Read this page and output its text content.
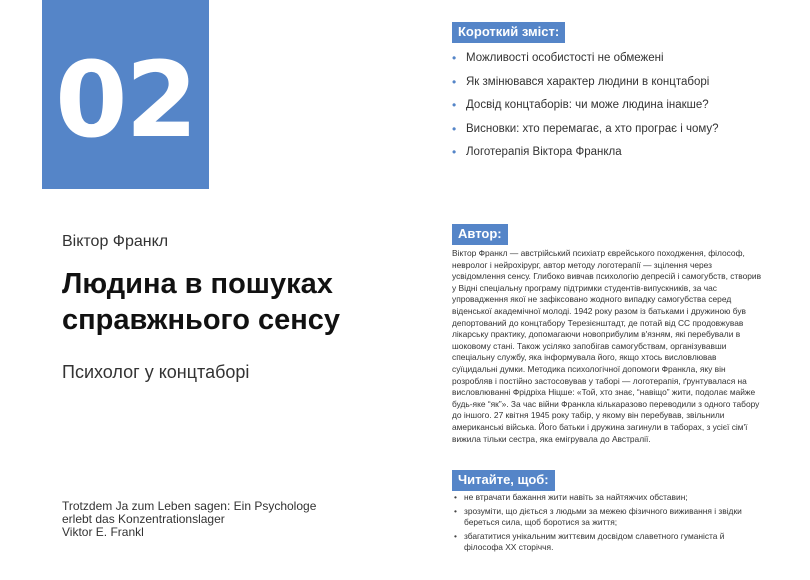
02
Віктор Франкл
Людина в пошуках справжнього сенсу
Психолог у концтаборі
Trotzdem Ja zum Leben sagen: Ein Psychologe
erlebt das Konzentrationslager
Viktor E. Frankl
Короткий зміст:
• Можливості особистості не обмежені
• Як змінювався характер людини в концтаборі
• Досвід концтаборів: чи може людина інакше?
• Висновки: хто перемагає, а хто програє і чому?
• Логотерапія Віктора Франкла
Автор:
Віктор Франкл — австрійський психіатр єврейського походження, філософ, невролог і нейрохірург, автор методу логотерапії — зцілення через усвідомлення сенсу. Глибоко вивчав психологію депресій і самогубств, створив у Відні спеціальну програму підтримки студентів-випускників, за час упровадження якої не зафіксовано жодного випадку самогубства серед віденської академічної молоді. 1942 року разом із батьками і дружиною був депортований до концтабору Терезієнштадт, де потай від СС продовжував лікарську практику, допомагаючи новоприбулим в'язням, які перебували в шоковому стані. Також усіляко запобігав самогубствам, організувавши спеціальну службу, яка інформувала його, якщо хтось висловлював суїцидальні думки. Методика психологічної допомоги Франкла, яку він розробляв і постійно застосовував у таборі — логотерапія, ґрунтувалася на висловлюванні Фрідріха Ніцше: «Той, хто знає, “навіщо” жити, подолає майже будь-яке “як”». За час війни Франкла кількаразово переводили з одного табору до іншого. 27 квітня 1945 року табір, у якому він перебував, звільнили американські війська. Його батьки і дружина загинули в таборах, з усієї сім'ї вижила тільки сестра, яка емігрувала до Австралії.
Читайте, щоб:
• не втрачати бажання жити навіть за найтяжчих обставин;
• зрозуміти, що діється з людьми за межею фізичного виживання і звідки береться сила, щоб боротися за життя;
• збагатитися унікальним життєвим досвідом славетного гуманіста й філософа XX сторіччя.
